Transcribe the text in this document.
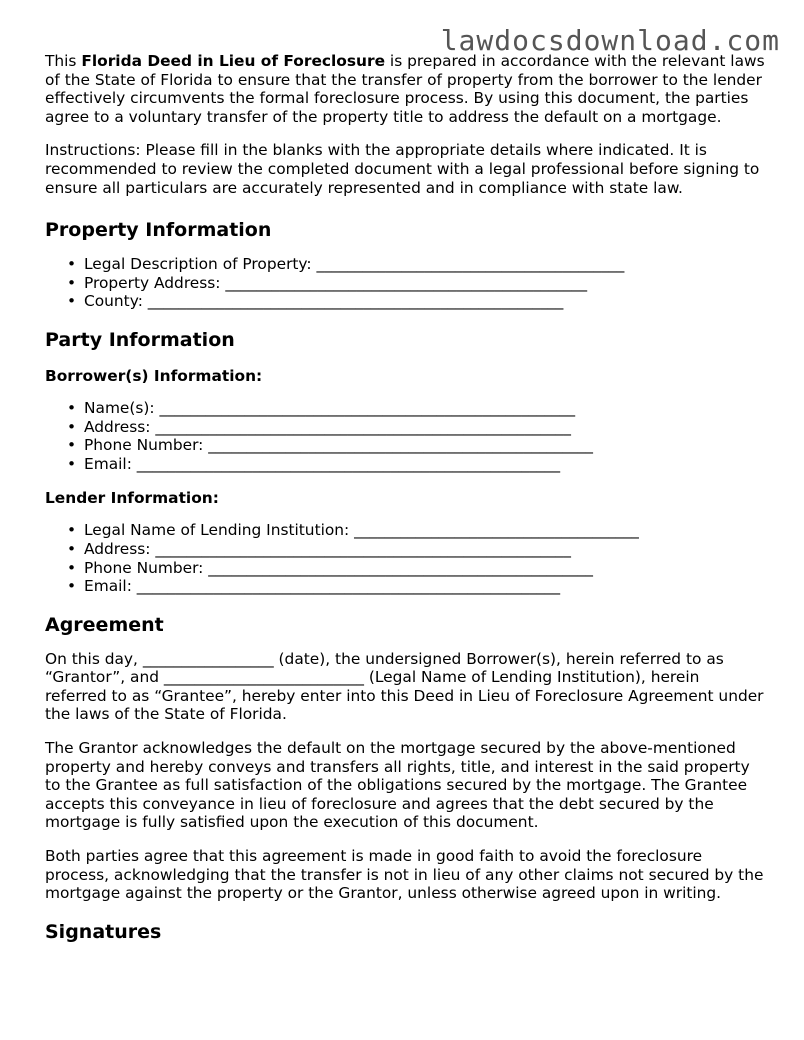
lawdocsdownload.com

This Florida Deed in Lieu of Foreclosure is prepared in accordance with the relevant laws of the State of Florida to ensure that the transfer of property from the borrower to the lender effectively circumvents the formal foreclosure process. By using this document, the parties agree to a voluntary transfer of the property title to address the default on a mortgage.

Instructions: Please fill in the blanks with the appropriate details where indicated. It is recommended to review the completed document with a legal professional before signing to ensure all particulars are accurately represented and in compliance with state law.

Property Information
• Legal Description of Property: ________________________________________
• Property Address: _______________________________________________
• County: ______________________________________________________
Party Information
Borrower(s) Information:
• Name(s): ______________________________________________________
• Address: ______________________________________________________
• Phone Number: __________________________________________________
• Email: _______________________________________________________
Lender Information:
• Legal Name of Lending Institution: _____________________________________
• Address: ______________________________________________________
• Phone Number: __________________________________________________
• Email: _______________________________________________________
Agreement

On this day, _________________ (date), the undersigned Borrower(s), herein referred to as “Grantor”, and __________________________ (Legal Name of Lending Institution), herein referred to as “Grantee”, hereby enter into this Deed in Lieu of Foreclosure Agreement under the laws of the State of Florida.

The Grantor acknowledges the default on the mortgage secured by the above-mentioned property and hereby conveys and transfers all rights, title, and interest in the said property to the Grantee as full satisfaction of the obligations secured by the mortgage. The Grantee accepts this conveyance in lieu of foreclosure and agrees that the debt secured by the mortgage is fully satisfied upon the execution of this document.

Both parties agree that this agreement is made in good faith to avoid the foreclosure process, acknowledging that the transfer is not in lieu of any other claims not secured by the mortgage against the property or the Grantor, unless otherwise agreed upon in writing.

Signatures
